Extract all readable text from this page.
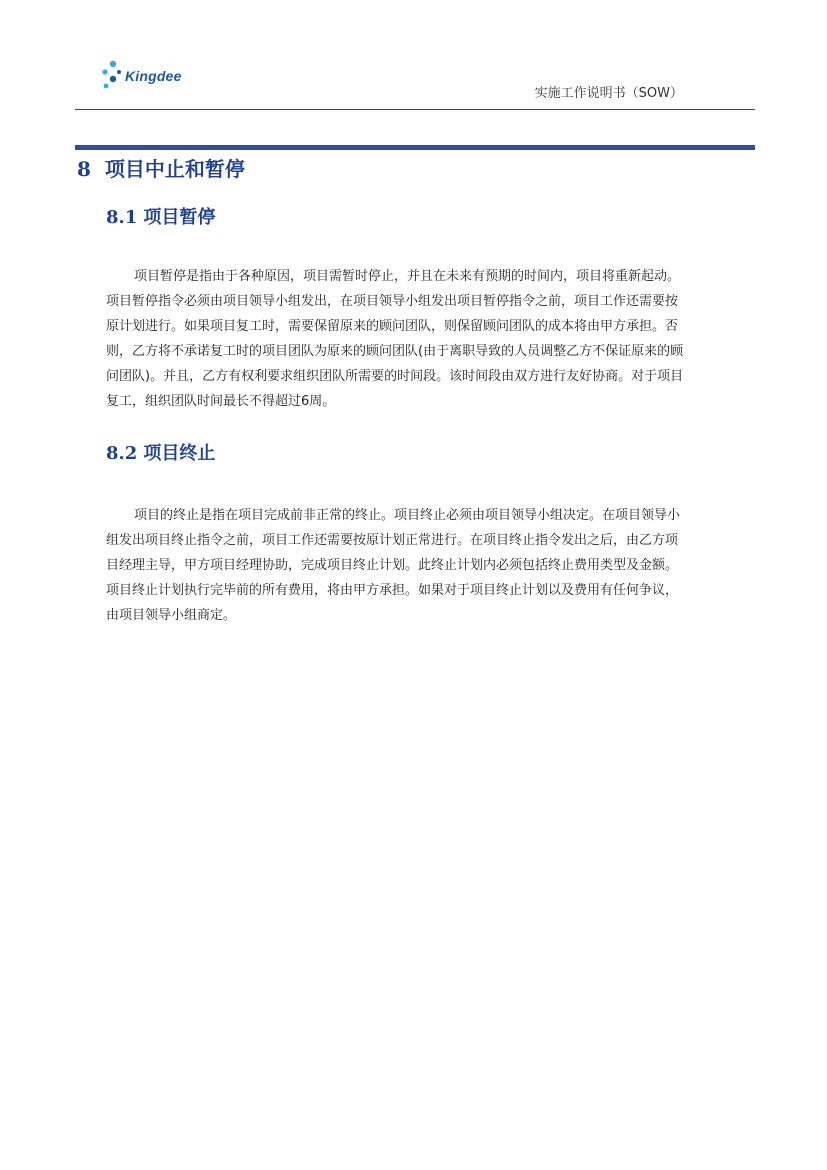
Kingdee
实施工作说明书（SOW）
8 项目中止和暂停
8.1 项目暂停
项目暂停是指由于各种原因，项目需暂时停止，并且在未来有预期的时间内，项目将重新起动。
项目暂停指令必须由项目领导小组发出，在项目领导小组发出项目暂停指令之前，项目工作还需要按
原计划进行。如果项目复工时，需要保留原来的顾问团队，则保留顾问团队的成本将由甲方承担。否
则，乙方将不承诺复工时的项目团队为原来的顾问团队(由于离职导致的人员调整乙方不保证原来的顾
问团队)。并且，乙方有权利要求组织团队所需要的时间段。该时间段由双方进行友好协商。对于项目
复工，组织团队时间最长不得超过6周。
8.2 项目终止
项目的终止是指在项目完成前非正常的终止。项目终止必须由项目领导小组决定。在项目领导小
组发出项目终止指令之前，项目工作还需要按原计划正常进行。在项目终止指令发出之后，由乙方项
目经理主导，甲方项目经理协助，完成项目终止计划。此终止计划内必须包括终止费用类型及金额。
项目终止计划执行完毕前的所有费用，将由甲方承担。如果对于项目终止计划以及费用有任何争议，
由项目领导小组商定。
